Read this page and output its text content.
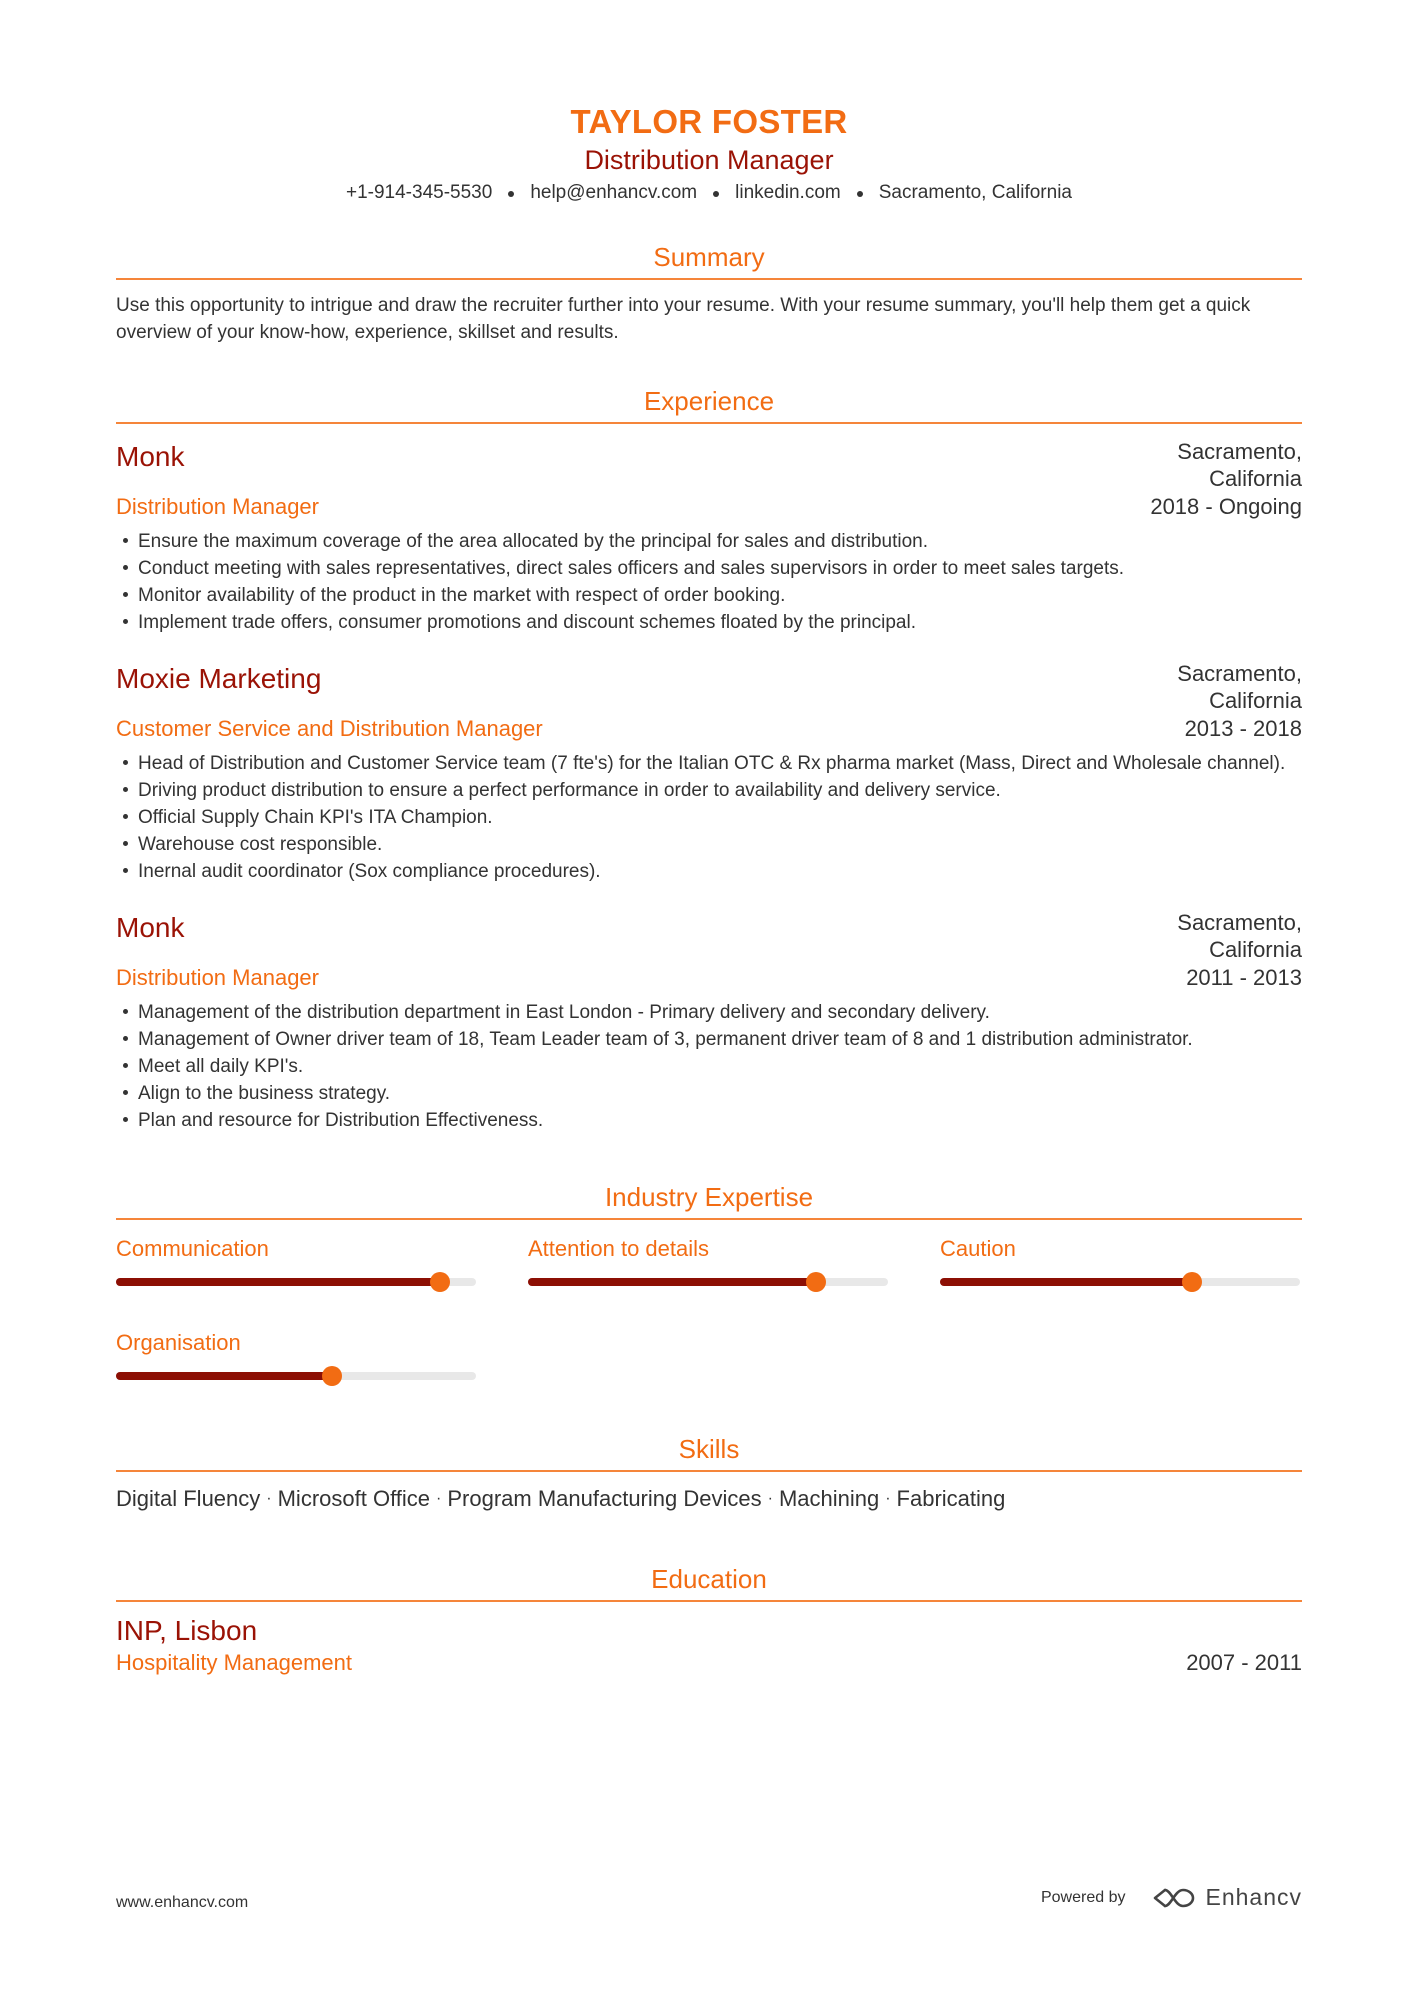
TAYLOR FOSTER
Distribution Manager
+1-914-345-5530 help@enhancv.com linkedin.com Sacramento, California
Summary
Use this opportunity to intrigue and draw the recruiter further into your resume. With your resume summary, you'll help them get a quick overview of your know-how, experience, skillset and results.
Experience
Monk	Sacramento, California
Distribution Manager	2018 - Ongoing
Ensure the maximum coverage of the area allocated by the principal for sales and distribution.
Conduct meeting with sales representatives, direct sales officers and sales supervisors in order to meet sales targets.
Monitor availability of the product in the market with respect of order booking.
Implement trade offers, consumer promotions and discount schemes floated by the principal.
Moxie Marketing	Sacramento, California
Customer Service and Distribution Manager	2013 - 2018
Head of Distribution and Customer Service team (7 fte's) for the Italian OTC & Rx pharma market (Mass, Direct and Wholesale channel).
Driving product distribution to ensure a perfect performance in order to availability and delivery service.
Official Supply Chain KPI's ITA Champion.
Warehouse cost responsible.
Inernal audit coordinator (Sox compliance procedures).
Monk	Sacramento, California
Distribution Manager	2011 - 2013
Management of the distribution department in East London - Primary delivery and secondary delivery.
Management of Owner driver team of 18, Team Leader team of 3, permanent driver team of 8 and 1 distribution administrator.
Meet all daily KPI's.
Align to the business strategy.
Plan and resource for Distribution Effectiveness.
Industry Expertise
Communication	Attention to details	Caution
Organisation
Skills
Digital Fluency · Microsoft Office · Program Manufacturing Devices · Machining · Fabricating
Education
INP, Lisbon
Hospitality Management	2007 - 2011
www.enhancv.com	Powered by	Enhancv
